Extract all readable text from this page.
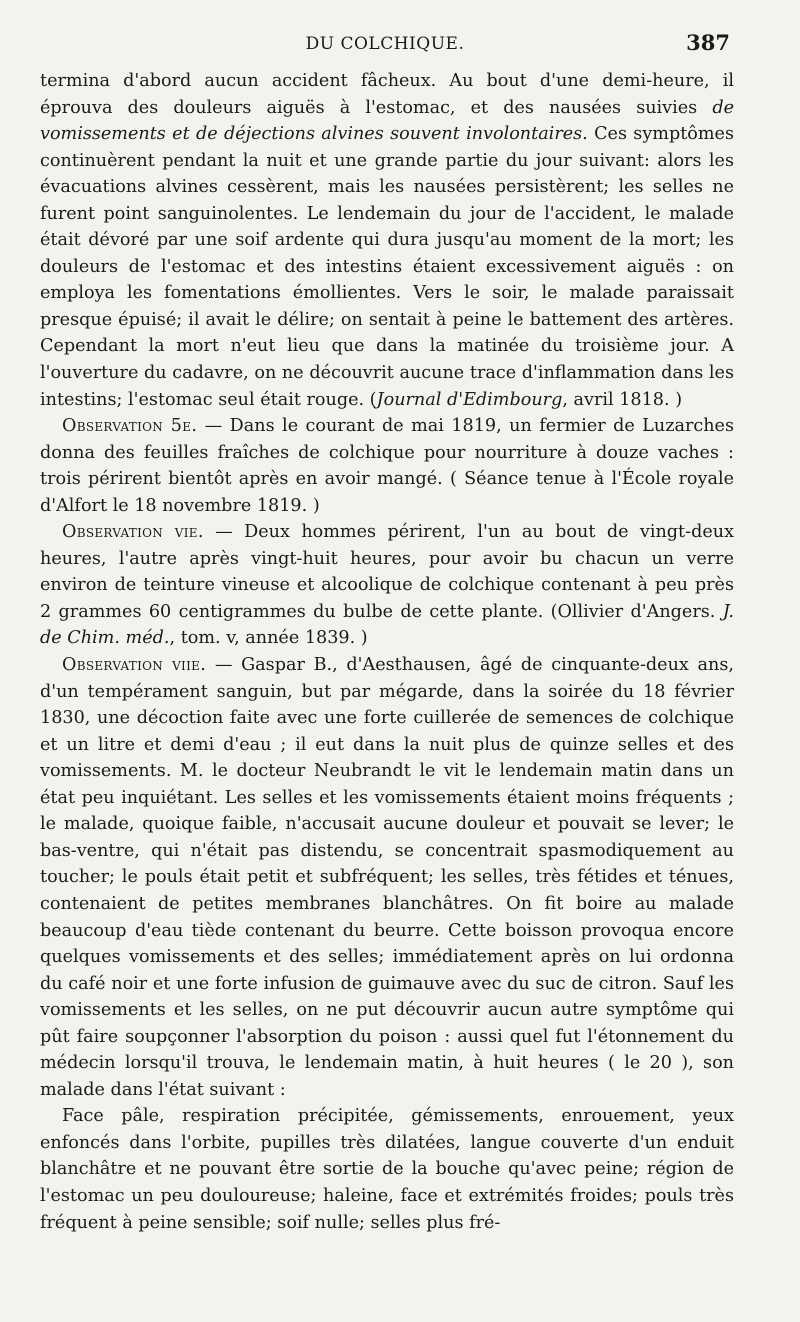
DU COLCHIQUE.	387

termina d'abord aucun accident fâcheux. Au bout d'une demi-heure, il éprouva des douleurs aiguës à l'estomac, et des nausées suivies de vomissements et de déjections alvines souvent involontaires. Ces symptômes continuèrent pendant la nuit et une grande partie du jour suivant: alors les évacuations alvines cessèrent, mais les nausées persistèrent; les selles ne furent point sanguinolentes. Le lendemain du jour de l'accident, le malade était dévoré par une soif ardente qui dura jusqu'au moment de la mort; les douleurs de l'estomac et des intestins étaient excessivement aiguës : on employa les fomentations émollientes. Vers le soir, le malade paraissait presque épuisé; il avait le délire; on sentait à peine le battement des artères. Cependant la mort n'eut lieu que dans la matinée du troisième jour. A l'ouverture du cadavre, on ne découvrit aucune trace d'inflammation dans les intestins; l'estomac seul était rouge. (Journal d'Edimbourg, avril 1818. )

Observation 5e. — Dans le courant de mai 1819, un fermier de Luzarches donna des feuilles fraîches de colchique pour nourriture à douze vaches : trois périrent bientôt après en avoir mangé. ( Séance tenue à l'École royale d'Alfort le 18 novembre 1819. )

Observation vie. — Deux hommes périrent, l'un au bout de vingt-deux heures, l'autre après vingt-huit heures, pour avoir bu chacun un verre environ de teinture vineuse et alcoolique de colchique contenant à peu près 2 grammes 60 centigrammes du bulbe de cette plante. (Ollivier d'Angers. J. de Chim. méd., tom. v, année 1839. )

Observation viie. — Gaspar B., d'Aesthausen, âgé de cinquante-deux ans, d'un tempérament sanguin, but par mégarde, dans la soirée du 18 février 1830, une décoction faite avec une forte cuillerée de semences de colchique et un litre et demi d'eau ; il eut dans la nuit plus de quinze selles et des vomissements. M. le docteur Neubrandt le vit le lendemain matin dans un état peu inquiétant. Les selles et les vomissements étaient moins fréquents ; le malade, quoique faible, n'accusait aucune douleur et pouvait se lever; le bas-ventre, qui n'était pas distendu, se concentrait spasmodiquement au toucher; le pouls était petit et subfréquent; les selles, très fétides et ténues, contenaient de petites membranes blanchâtres. On fit boire au malade beaucoup d'eau tiède contenant du beurre. Cette boisson provoqua encore quelques vomissements et des selles; immédiatement après on lui ordonna du café noir et une forte infusion de guimauve avec du suc de citron. Sauf les vomissements et les selles, on ne put découvrir aucun autre symptôme qui pût faire soupçonner l'absorption du poison : aussi quel fut l'étonnement du médecin lorsqu'il trouva, le lendemain matin, à huit heures ( le 20 ), son malade dans l'état suivant :

Face pâle, respiration précipitée, gémissements, enrouement, yeux enfoncés dans l'orbite, pupilles très dilatées, langue couverte d'un enduit blanchâtre et ne pouvant être sortie de la bouche qu'avec peine; région de l'estomac un peu douloureuse; haleine, face et extrémités froides; pouls très fréquent à peine sensible; soif nulle; selles plus fré-
